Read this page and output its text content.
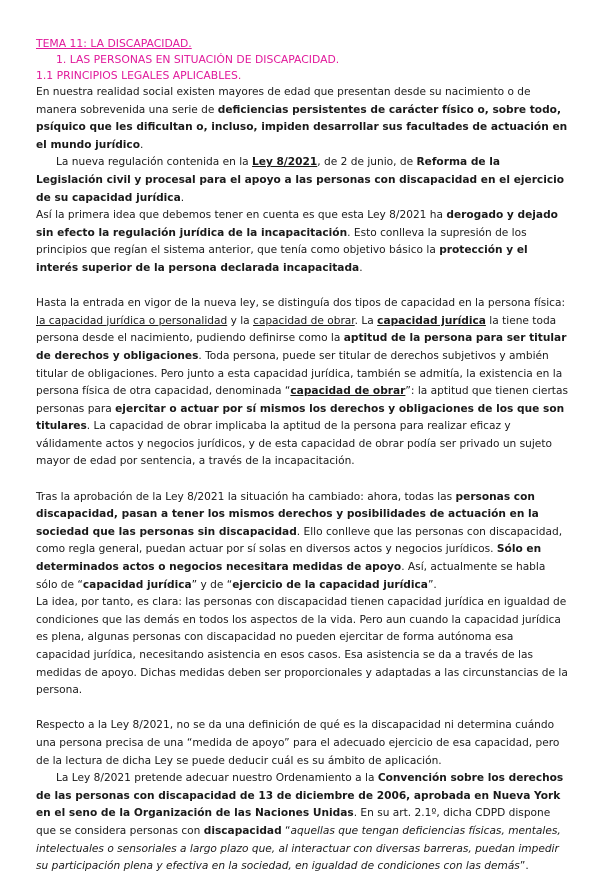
TEMA 11: LA DISCAPACIDAD.
1. LAS PERSONAS EN SITUACIÓN DE DISCAPACIDAD.
1.1 PRINCIPIOS LEGALES APLICABLES.

En nuestra realidad social existen mayores de edad que presentan desde su nacimiento o de manera sobrevenida una serie de deficiencias persistentes de carácter físico o, sobre todo, psíquico que les dificultan o, incluso, impiden desarrollar sus facultades de actuación en el mundo jurídico.

La nueva regulación contenida en la Ley 8/2021, de 2 de junio, de Reforma de la Legislación civil y procesal para el apoyo a las personas con discapacidad en el ejercicio de su capacidad jurídica.

Así la primera idea que debemos tener en cuenta es que esta Ley 8/2021 ha derogado y dejado sin efecto la regulación jurídica de la incapacitación. Esto conlleva la supresión de los principios que regían el sistema anterior, que tenía como objetivo básico la protección y el interés superior de la persona declarada incapacitada.

Hasta la entrada en vigor de la nueva ley, se distinguía dos tipos de capacidad en la persona física: la capacidad jurídica o personalidad y la capacidad de obrar. La capacidad jurídica la tiene toda persona desde el nacimiento, pudiendo definirse como la aptitud de la persona para ser titular de derechos y obligaciones. Toda persona, puede ser titular de derechos subjetivos y ambién titular de obligaciones. Pero junto a esta capacidad jurídica, también se admitía, la existencia en la persona física de otra capacidad, denominada “capacidad de obrar”: la aptitud que tienen ciertas personas para ejercitar o actuar por sí mismos los derechos y obligaciones de los que son titulares. La capacidad de obrar implicaba la aptitud de la persona para realizar eficaz y válidamente actos y negocios jurídicos, y de esta capacidad de obrar podía ser privado un sujeto mayor de edad por sentencia, a través de la incapacitación.

Tras la aprobación de la Ley 8/2021 la situación ha cambiado: ahora, todas las personas con discapacidad, pasan a tener los mismos derechos y posibilidades de actuación en la sociedad que las personas sin discapacidad. Ello conlleve que las personas con discapacidad, como regla general, puedan actuar por sí solas en diversos actos y negocios jurídicos. Sólo en determinados actos o negocios necesitara medidas de apoyo. Así, actualmente se habla sólo de “capacidad jurídica” y de “ejercicio de la capacidad jurídica”.

La idea, por tanto, es clara: las personas con discapacidad tienen capacidad jurídica en igualdad de condiciones que las demás en todos los aspectos de la vida. Pero aun cuando la capacidad jurídica es plena, algunas personas con discapacidad no pueden ejercitar de forma autónoma esa capacidad jurídica, necesitando asistencia en esos casos. Esa asistencia se da a través de las medidas de apoyo. Dichas medidas deben ser proporcionales y adaptadas a las circunstancias de la persona.

Respecto a la Ley 8/2021, no se da una definición de qué es la discapacidad ni determina cuándo una persona precisa de una “medida de apoyo” para el adecuado ejercicio de esa capacidad, pero de la lectura de dicha Ley se puede deducir cuál es su ámbito de aplicación.

La Ley 8/2021 pretende adecuar nuestro Ordenamiento a la Convención sobre los derechos de las personas con discapacidad de 13 de diciembre de 2006, aprobada en Nueva York en el seno de la Organización de las Naciones Unidas. En su art. 2.1º, dicha CDPD dispone que se considera personas con discapacidad “aquellas que tengan deficiencias físicas, mentales, intelectuales o sensoriales a largo plazo que, al interactuar con diversas barreras, puedan impedir su participación plena y efectiva en la sociedad, en igualdad de condiciones con las demás”.
